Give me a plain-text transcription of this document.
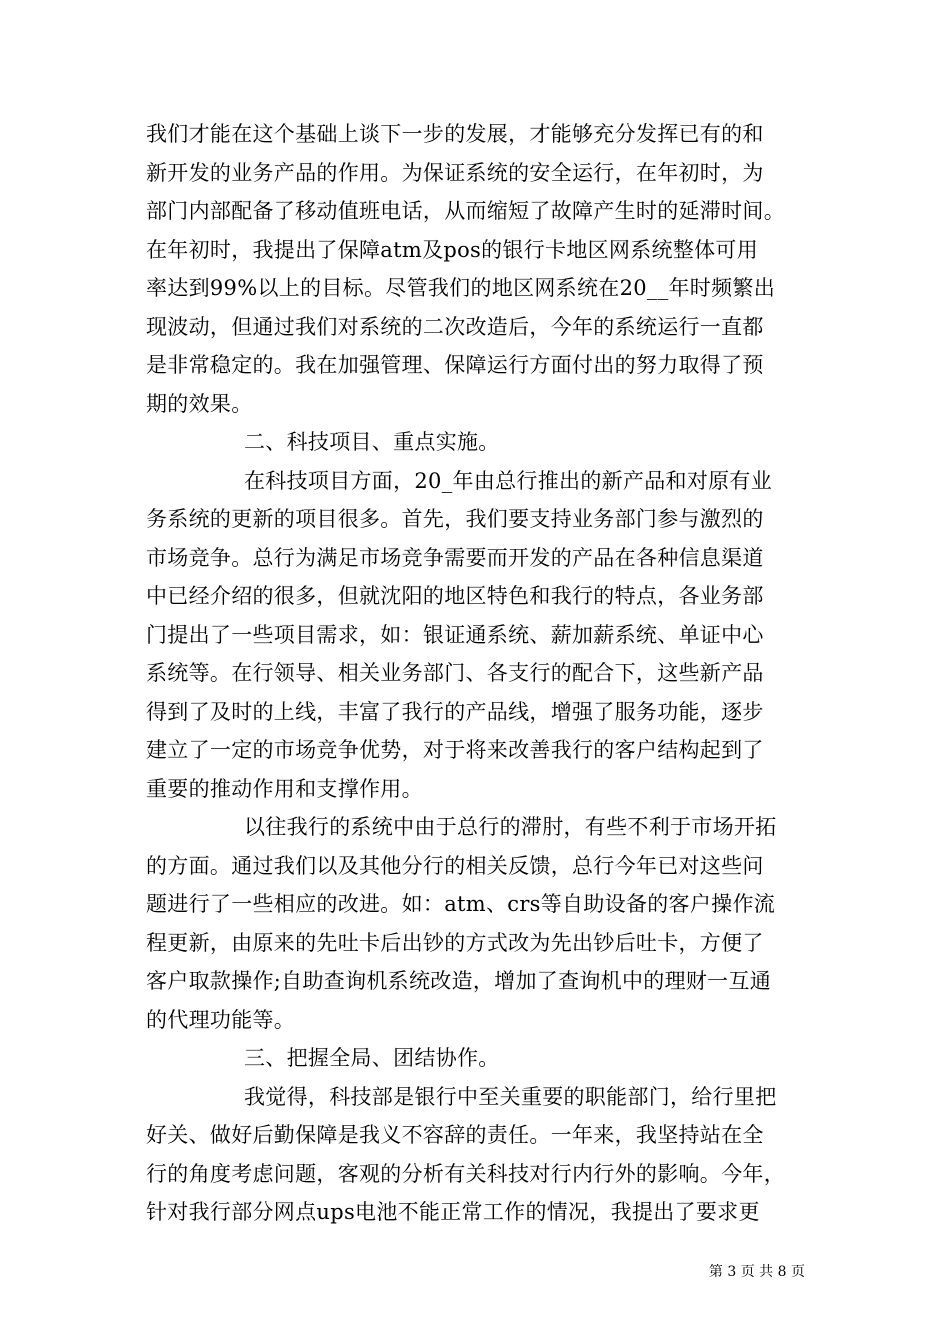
我们才能在这个基础上谈下一步的发展，才能够充分发挥已有的和
新开发的业务产品的作用。为保证系统的安全运行，在年初时，为
部门内部配备了移动值班电话，从而缩短了故障产生时的延滞时间。
在年初时，我提出了保障atm及pos的银行卡地区网系统整体可用
率达到99%以上的目标。尽管我们的地区网系统在20__年时频繁出
现波动，但通过我们对系统的二次改造后，今年的系统运行一直都
是非常稳定的。我在加强管理、保障运行方面付出的努力取得了预
期的效果。
二、科技项目、重点实施。
在科技项目方面，20_年由总行推出的新产品和对原有业
务系统的更新的项目很多。首先，我们要支持业务部门参与激烈的
市场竞争。总行为满足市场竞争需要而开发的产品在各种信息渠道
中已经介绍的很多，但就沈阳的地区特色和我行的特点，各业务部
门提出了一些项目需求，如：银证通系统、薪加薪系统、单证中心
系统等。在行领导、相关业务部门、各支行的配合下，这些新产品
得到了及时的上线，丰富了我行的产品线，增强了服务功能，逐步
建立了一定的市场竞争优势，对于将来改善我行的客户结构起到了
重要的推动作用和支撑作用。
以往我行的系统中由于总行的滞肘，有些不利于市场开拓
的方面。通过我们以及其他分行的相关反馈，总行今年已对这些问
题进行了一些相应的改进。如：atm、crs等自助设备的客户操作流
程更新，由原来的先吐卡后出钞的方式改为先出钞后吐卡，方便了
客户取款操作;自助查询机系统改造，增加了查询机中的理财一互通
的代理功能等。
三、把握全局、团结协作。
我觉得，科技部是银行中至关重要的职能部门，给行里把
好关、做好后勤保障是我义不容辞的责任。一年来，我坚持站在全
行的角度考虑问题，客观的分析有关科技对行内行外的影响。今年，
针对我行部分网点ups电池不能正常工作的情况，我提出了要求更
第 3 页 共 8 页
